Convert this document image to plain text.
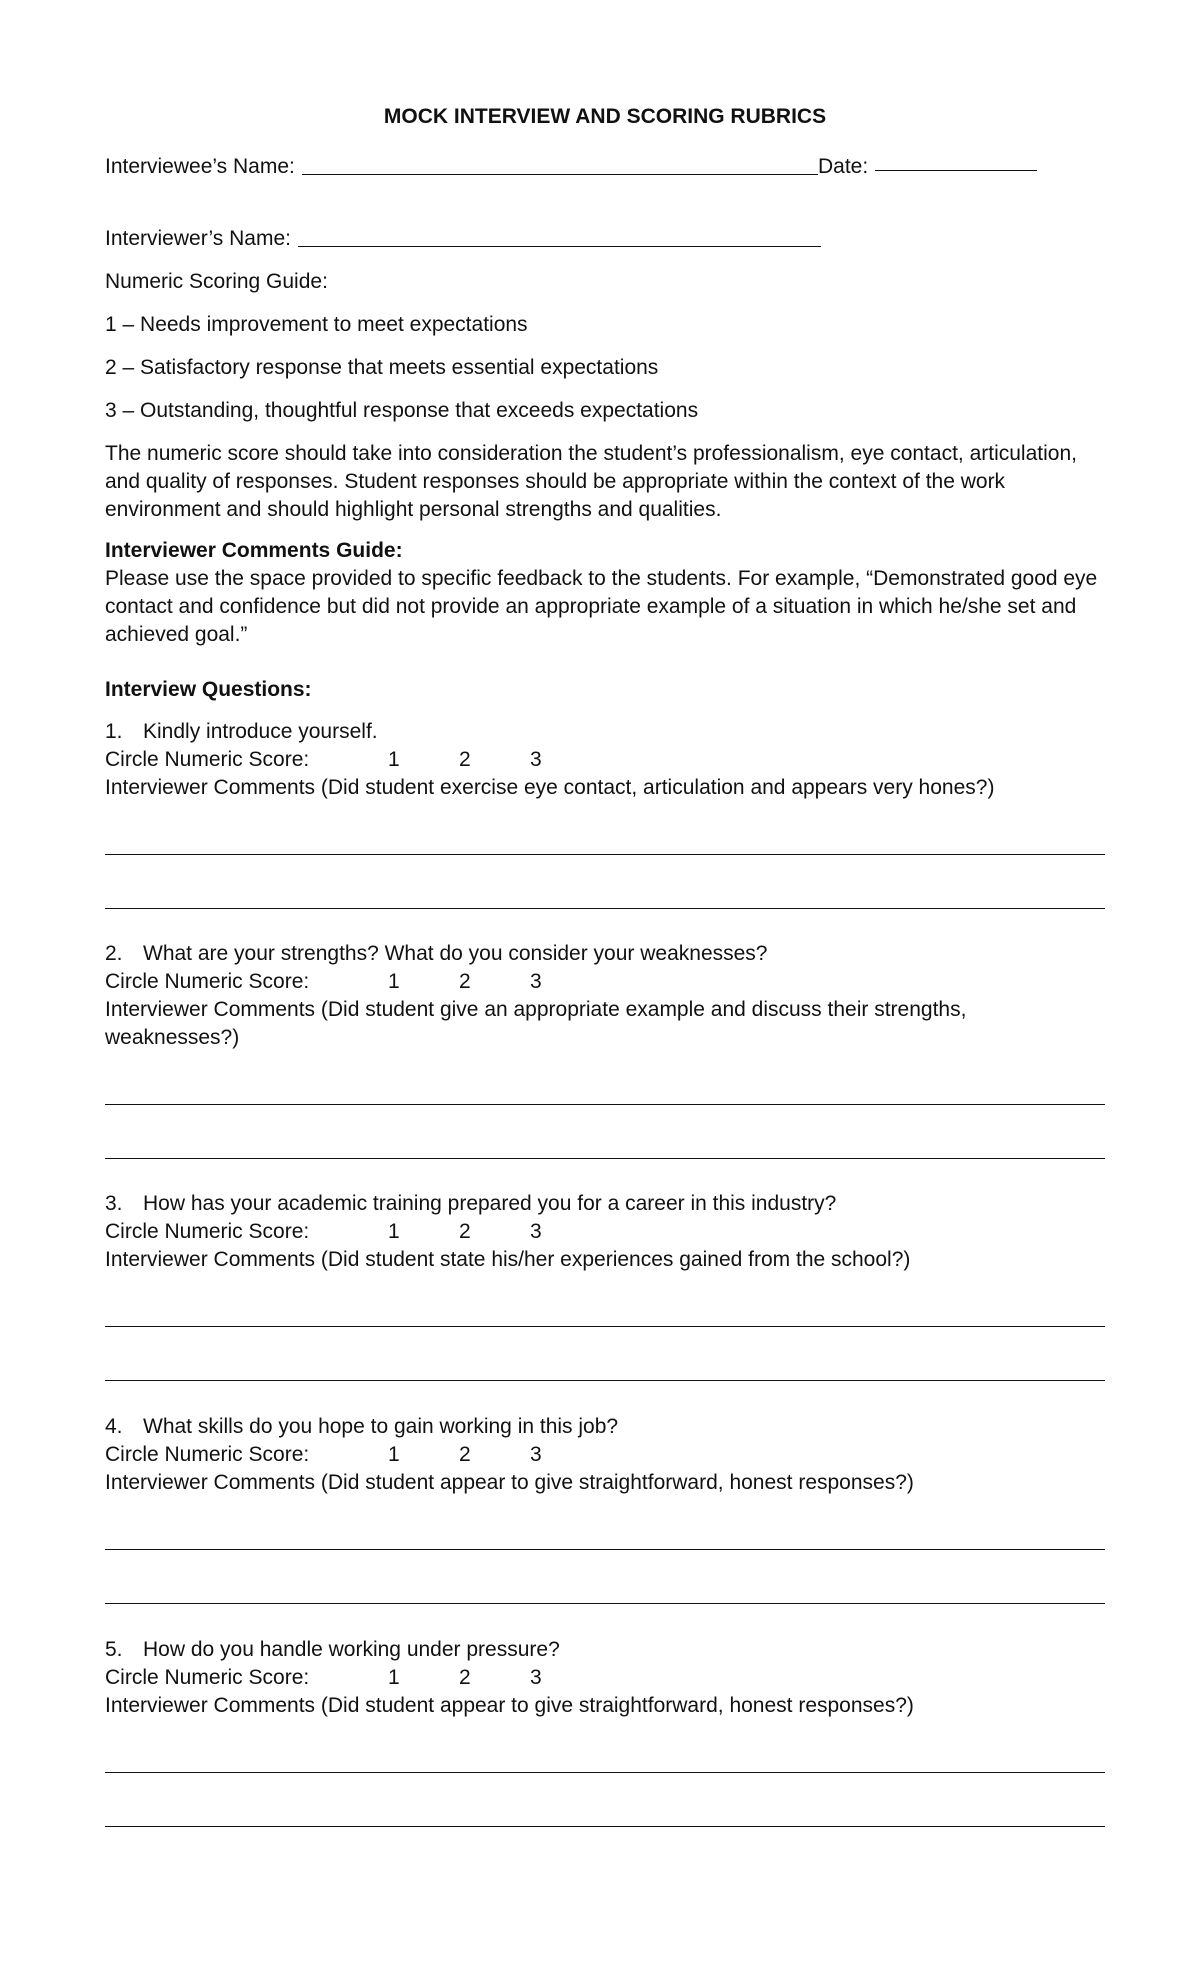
MOCK INTERVIEW AND SCORING RUBRICS
Interviewee’s Name:	Date:
Interviewer’s Name:
Numeric Scoring Guide:
1 – Needs improvement to meet expectations
2 – Satisfactory response that meets essential expectations
3 – Outstanding, thoughtful response that exceeds expectations
The numeric score should take into consideration the student’s professionalism, eye contact, articulation, and quality of responses. Student responses should be appropriate within the context of the work environment and should highlight personal strengths and qualities.
Interviewer Comments Guide:
Please use the space provided to specific feedback to the students. For example, “Demonstrated good eye contact and confidence but did not provide an appropriate example of a situation in which he/she set and achieved goal.”
Interview Questions:
1. Kindly introduce yourself.
Circle Numeric Score:	1	2	3
Interviewer Comments (Did student exercise eye contact, articulation and appears very hones?)
2. What are your strengths? What do you consider your weaknesses?
Circle Numeric Score:	1	2	3
Interviewer Comments (Did student give an appropriate example and discuss their strengths, weaknesses?)
3. How has your academic training prepared you for a career in this industry?
Circle Numeric Score:	1	2	3
Interviewer Comments (Did student state his/her experiences gained from the school?)
4. What skills do you hope to gain working in this job?
Circle Numeric Score:	1	2	3
Interviewer Comments (Did student appear to give straightforward, honest responses?)
5. How do you handle working under pressure?
Circle Numeric Score:	1	2	3
Interviewer Comments (Did student appear to give straightforward, honest responses?)
